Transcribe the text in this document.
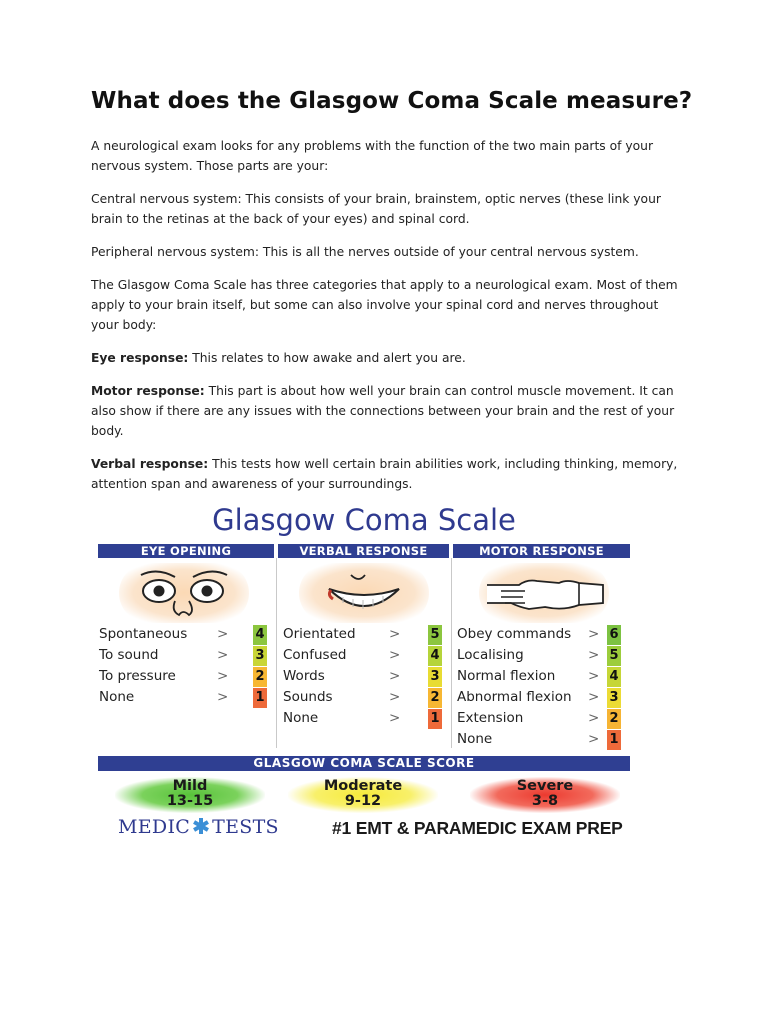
What does the Glasgow Coma Scale measure?

A neurological exam looks for any problems with the function of the two main parts of your nervous system. Those parts are your:

Central nervous system: This consists of your brain, brainstem, optic nerves (these link your brain to the retinas at the back of your eyes) and spinal cord.

Peripheral nervous system: This is all the nerves outside of your central nervous system.

The Glasgow Coma Scale has three categories that apply to a neurological exam. Most of them apply to your brain itself, but some can also involve your spinal cord and nerves throughout your body:

Eye response: This relates to how awake and alert you are.

Motor response: This part is about how well your brain can control muscle movement. It can also show if there are any issues with the connections between your brain and the rest of your body.

Verbal response: This tests how well certain brain abilities work, including thinking, memory, attention span and awareness of your surroundings.

Glasgow Coma Scale
EYE OPENING	VERBAL RESPONSE	MOTOR RESPONSE
Spontaneous > 4
To sound	> 3
To pressure	> 2
None	> 1
Orientated > 5
Confused	> 4
Words	> 3
Sounds	> 2
None	> 1
Obey commands > 6
Localising	> 5
Normal flexion > 4
Abnormal flexion > 3
Extension	> 2
None	> 1
GLASGOW COMA SCALE SCORE
Mild
13-15
Moderate
9-12
Severe
3-8
MEDIC TESTS	#1 EMT & PARAMEDIC EXAM PREP
